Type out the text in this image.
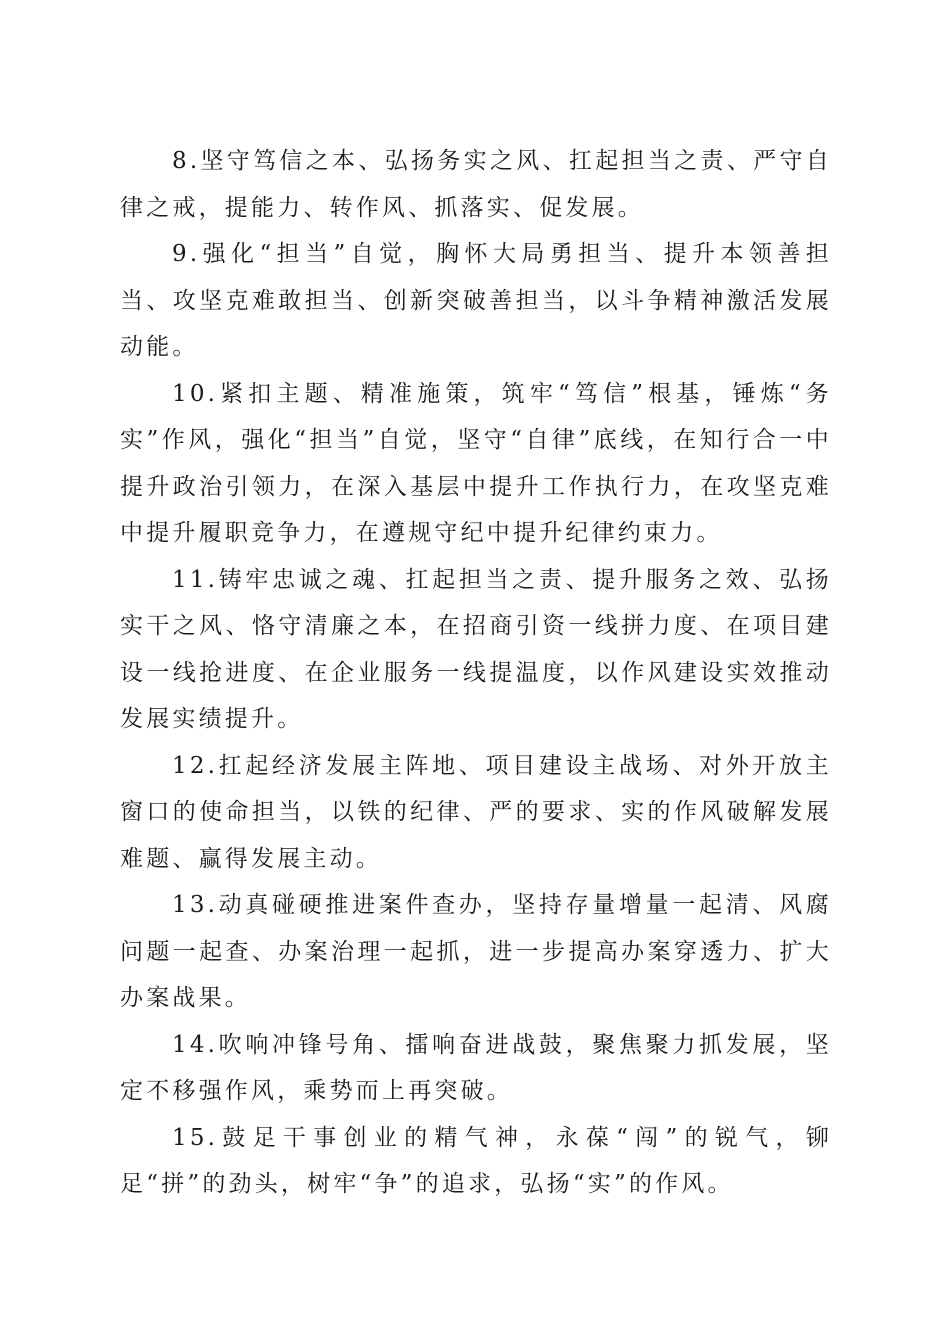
8.坚守笃信之本、弘扬务实之风、扛起担当之责、严守自律之戒，提能力、转作风、抓落实、促发展。

9.强化“担当”自觉，胸怀大局勇担当、提升本领善担当、攻坚克难敢担当、创新突破善担当，以斗争精神激活发展动能。

10.紧扣主题、精准施策，筑牢“笃信”根基，锤炼“务实”作风，强化“担当”自觉，坚守“自律”底线，在知行合一中提升政治引领力，在深入基层中提升工作执行力，在攻坚克难中提升履职竞争力，在遵规守纪中提升纪律约束力。

11.铸牢忠诚之魂、扛起担当之责、提升服务之效、弘扬实干之风、恪守清廉之本，在招商引资一线拼力度、在项目建设一线抢进度、在企业服务一线提温度，以作风建设实效推动发展实绩提升。

12.扛起经济发展主阵地、项目建设主战场、对外开放主窗口的使命担当，以铁的纪律、严的要求、实的作风破解发展难题、赢得发展主动。

13.动真碰硬推进案件查办，坚持存量增量一起清、风腐问题一起查、办案治理一起抓，进一步提高办案穿透力、扩大办案战果。

14.吹响冲锋号角、擂响奋进战鼓，聚焦聚力抓发展，坚定不移强作风，乘势而上再突破。

15.鼓足干事创业的精气神，永葆“闯”的锐气，铆足“拼”的劲头，树牢“争”的追求，弘扬“实”的作风。
